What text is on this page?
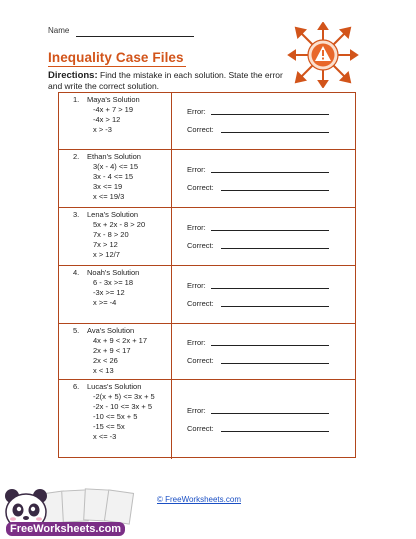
Name
Inequality Case Files
Directions: Find the mistake in each solution. State the error and write the correct solution.
1. Maya's Solution
-4x + 7 > 19
-4x > 12
x > -3
Error:
Correct:
2. Ethan's Solution
3(x - 4) <= 15
3x - 4 <= 15
3x <= 19
x <= 19/3
Error:
Correct:
3. Lena's Solution
5x + 2x - 8 > 20
7x - 8 > 20
7x > 12
x > 12/7
Error:
Correct:
4. Noah's Solution
6 - 3x >= 18
-3x >= 12
x >= -4
Error:
Correct:
5. Ava's Solution
4x + 9 < 2x + 17
2x + 9 < 17
2x < 26
x < 13
Error:
Correct:
6. Lucas's Solution
-2(x + 5) <= 3x + 5
-2x - 10 <= 3x + 5
-10 <= 5x + 5
-15 <= 5x
x <= -3
Error:
Correct:
FreeWorksheets.com
© FreeWorksheets.com
